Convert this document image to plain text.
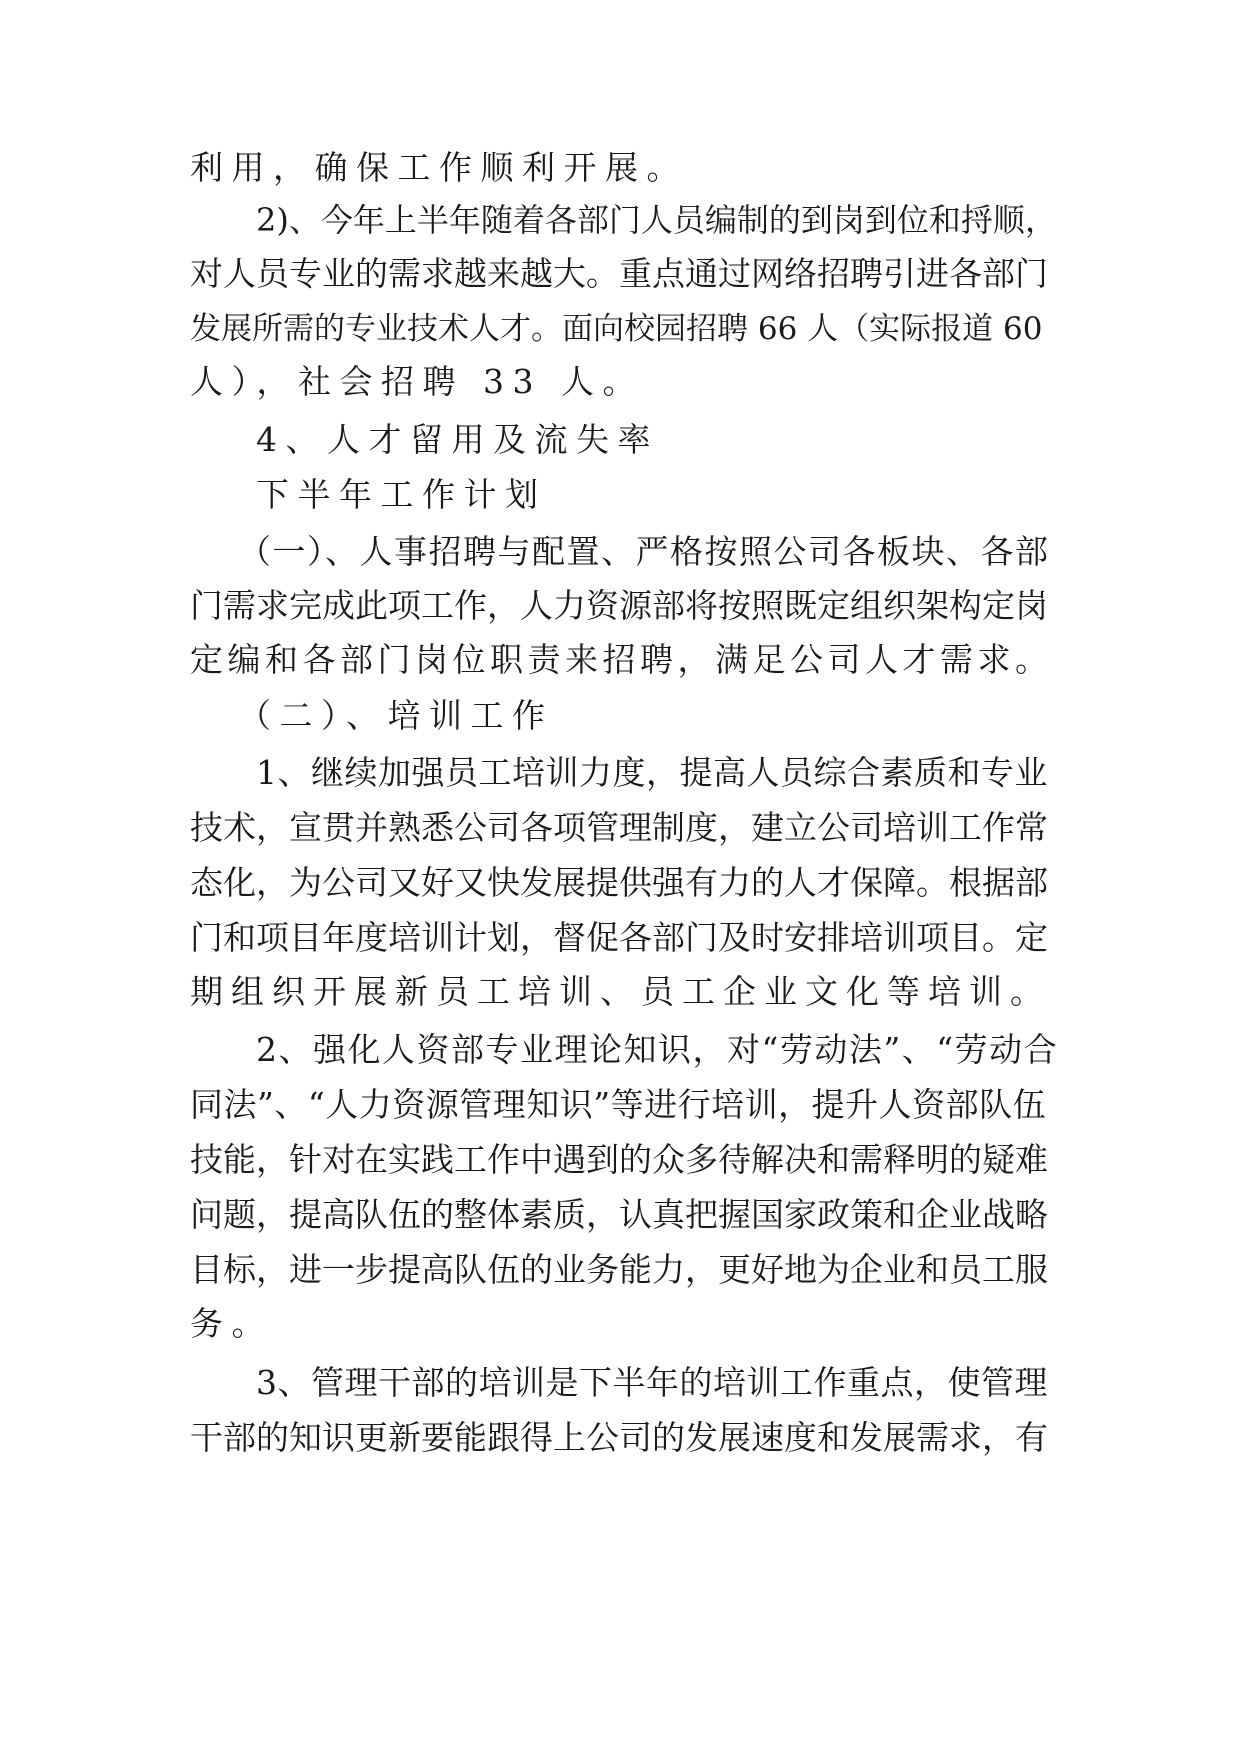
利用，确保工作顺利开展。
2)、今年上半年随着各部门人员编制的到岗到位和捋顺，
对人员专业的需求越来越大。重点通过网络招聘引进各部门
发展所需的专业技术人才。面向校园招聘 66 人（实际报道 60
人），社会招聘 33 人。
4、人才留用及流失率
下半年工作计划
（一）、人事招聘与配置、严格按照公司各板块、各部
门需求完成此项工作，人力资源部将按照既定组织架构定岗
定编和各部门岗位职责来招聘，满足公司人才需求。
（二）、培训工作
1、继续加强员工培训力度，提高人员综合素质和专业
技术，宣贯并熟悉公司各项管理制度，建立公司培训工作常
态化，为公司又好又快发展提供强有力的人才保障。根据部
门和项目年度培训计划，督促各部门及时安排培训项目。定
期组织开展新员工培训、员工企业文化等培训。
2、强化人资部专业理论知识，对“劳动法”、“劳动合
同法”、“人力资源管理知识”等进行培训，提升人资部队伍
技能，针对在实践工作中遇到的众多待解决和需释明的疑难
问题，提高队伍的整体素质，认真把握国家政策和企业战略
目标，进一步提高队伍的业务能力，更好地为企业和员工服
务。
3、管理干部的培训是下半年的培训工作重点，使管理
干部的知识更新要能跟得上公司的发展速度和发展需求，有
